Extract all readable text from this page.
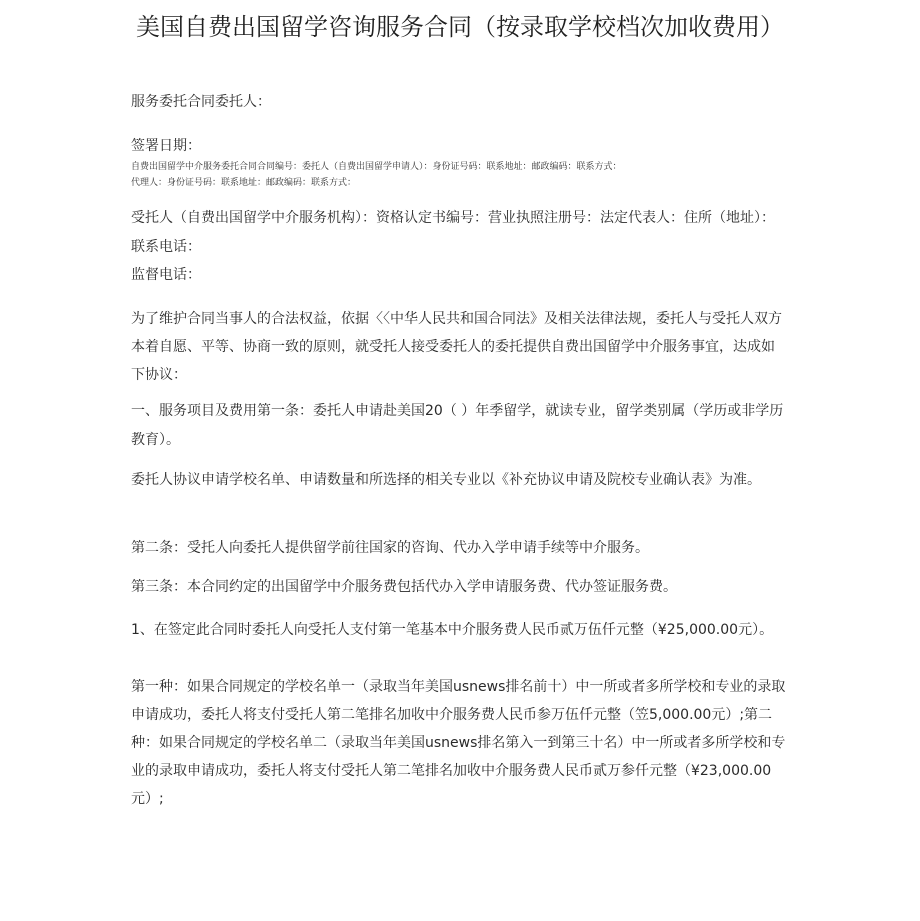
美国自费出国留学咨询服务合同（按录取学校档次加收费用）
服务委托合同委托人：
签署日期：
自费出国留学中介服务委托合同合同编号：委托人（自费出国留学申请人）：身份证号码：联系地址：邮政编码：联系方式：
代理人：身份证号码：联系地址：邮政编码：联系方式：
受托人（自费出国留学中介服务机构）：资格认定书编号：营业执照注册号：法定代表人：住所（地址）：联系电话：
监督电话：
为了维护合同当事人的合法权益，依据〈〈中华人民共和国合同法》及相关法律法规，委托人与受托人双方本着自愿、平等、协商一致的原则，就受托人接受委托人的委托提供自费出国留学中介服务事宜，达成如下协议：
一、服务项目及费用第一条：委托人申请赴美国20（ ）年季留学，就读专业，留学类别属（学历或非学历教育）。
委托人协议申请学校名单、申请数量和所选择的相关专业以《补充协议申请及院校专业确认表》为准。
第二条：受托人向委托人提供留学前往国家的咨询、代办入学申请手续等中介服务。
第三条：本合同约定的出国留学中介服务费包括代办入学申请服务费、代办签证服务费。
1、在签定此合同时委托人向受托人支付第一笔基本中介服务费人民币贰万伍仟元整（¥25,000.00元）。
第一种：如果合同规定的学校名单一（录取当年美国usnews排名前十）中一所或者多所学校和专业的录取申请成功，委托人将支付受托人第二笔排名加收中介服务费人民币参万伍仟元整（笠5,000.00元）;第二种：如果合同规定的学校名单二（录取当年美国usnews排名第入一到第三十名）中一所或者多所学校和专业的录取申请成功，委托人将支付受托人第二笔排名加收中介服务费人民币贰万参仟元整（¥23,000.00元）;
